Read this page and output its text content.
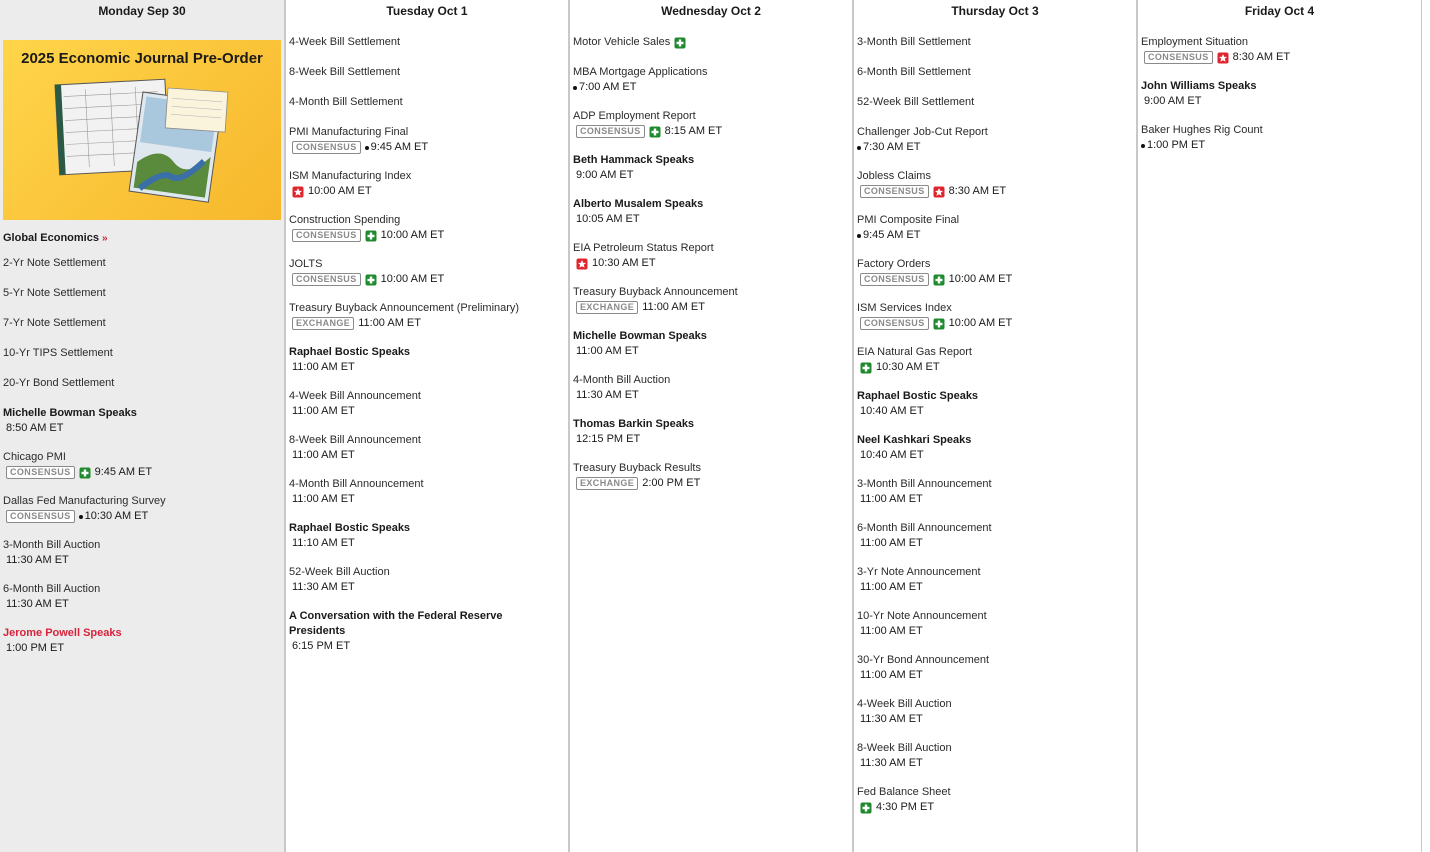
Monday Sep 30
2025 Economic Journal Pre-Order
Global Economics »
2-Yr Note Settlement
5-Yr Note Settlement
7-Yr Note Settlement
10-Yr TIPS Settlement
20-Yr Bond Settlement
Michelle Bowman Speaks
8:50 AM ET
Chicago PMI
CONSENSUS	9:45 AM ET
Dallas Fed Manufacturing Survey
CONSENSUS	10:30 AM ET
3-Month Bill Auction
11:30 AM ET
6-Month Bill Auction
11:30 AM ET
Jerome Powell Speaks
1:00 PM ET
Tuesday Oct 1
4-Week Bill Settlement
8-Week Bill Settlement
4-Month Bill Settlement
PMI Manufacturing Final
CONSENSUS	9:45 AM ET
ISM Manufacturing Index
10:00 AM ET
Construction Spending
CONSENSUS	10:00 AM ET
JOLTS
CONSENSUS	10:00 AM ET
Treasury Buyback Announcement (Preliminary)
EXCHANGE 11:00 AM ET
Raphael Bostic Speaks
11:00 AM ET
4-Week Bill Announcement
11:00 AM ET
8-Week Bill Announcement
11:00 AM ET
4-Month Bill Announcement
11:00 AM ET
Raphael Bostic Speaks
11:10 AM ET
52-Week Bill Auction
11:30 AM ET
A Conversation with the Federal Reserve Presidents
6:15 PM ET
Wednesday Oct 2
Motor Vehicle Sales
MBA Mortgage Applications
7:00 AM ET
ADP Employment Report
CONSENSUS	8:15 AM ET
Beth Hammack Speaks
9:00 AM ET
Alberto Musalem Speaks
10:05 AM ET
EIA Petroleum Status Report
10:30 AM ET
Treasury Buyback Announcement
EXCHANGE 11:00 AM ET
Michelle Bowman Speaks
11:00 AM ET
4-Month Bill Auction
11:30 AM ET
Thomas Barkin Speaks
12:15 PM ET
Treasury Buyback Results
EXCHANGE 2:00 PM ET
Thursday Oct 3
3-Month Bill Settlement
6-Month Bill Settlement
52-Week Bill Settlement
Challenger Job-Cut Report
7:30 AM ET
Jobless Claims
CONSENSUS	8:30 AM ET
PMI Composite Final
9:45 AM ET
Factory Orders
CONSENSUS	10:00 AM ET
ISM Services Index
CONSENSUS	10:00 AM ET
EIA Natural Gas Report
10:30 AM ET
Raphael Bostic Speaks
10:40 AM ET
Neel Kashkari Speaks
10:40 AM ET
3-Month Bill Announcement
11:00 AM ET
6-Month Bill Announcement
11:00 AM ET
3-Yr Note Announcement
11:00 AM ET
10-Yr Note Announcement
11:00 AM ET
30-Yr Bond Announcement
11:00 AM ET
4-Week Bill Auction
11:30 AM ET
8-Week Bill Auction
11:30 AM ET
Fed Balance Sheet
4:30 PM ET
Friday Oct 4
Employment Situation
CONSENSUS	8:30 AM ET
John Williams Speaks
9:00 AM ET
Baker Hughes Rig Count
1:00 PM ET
